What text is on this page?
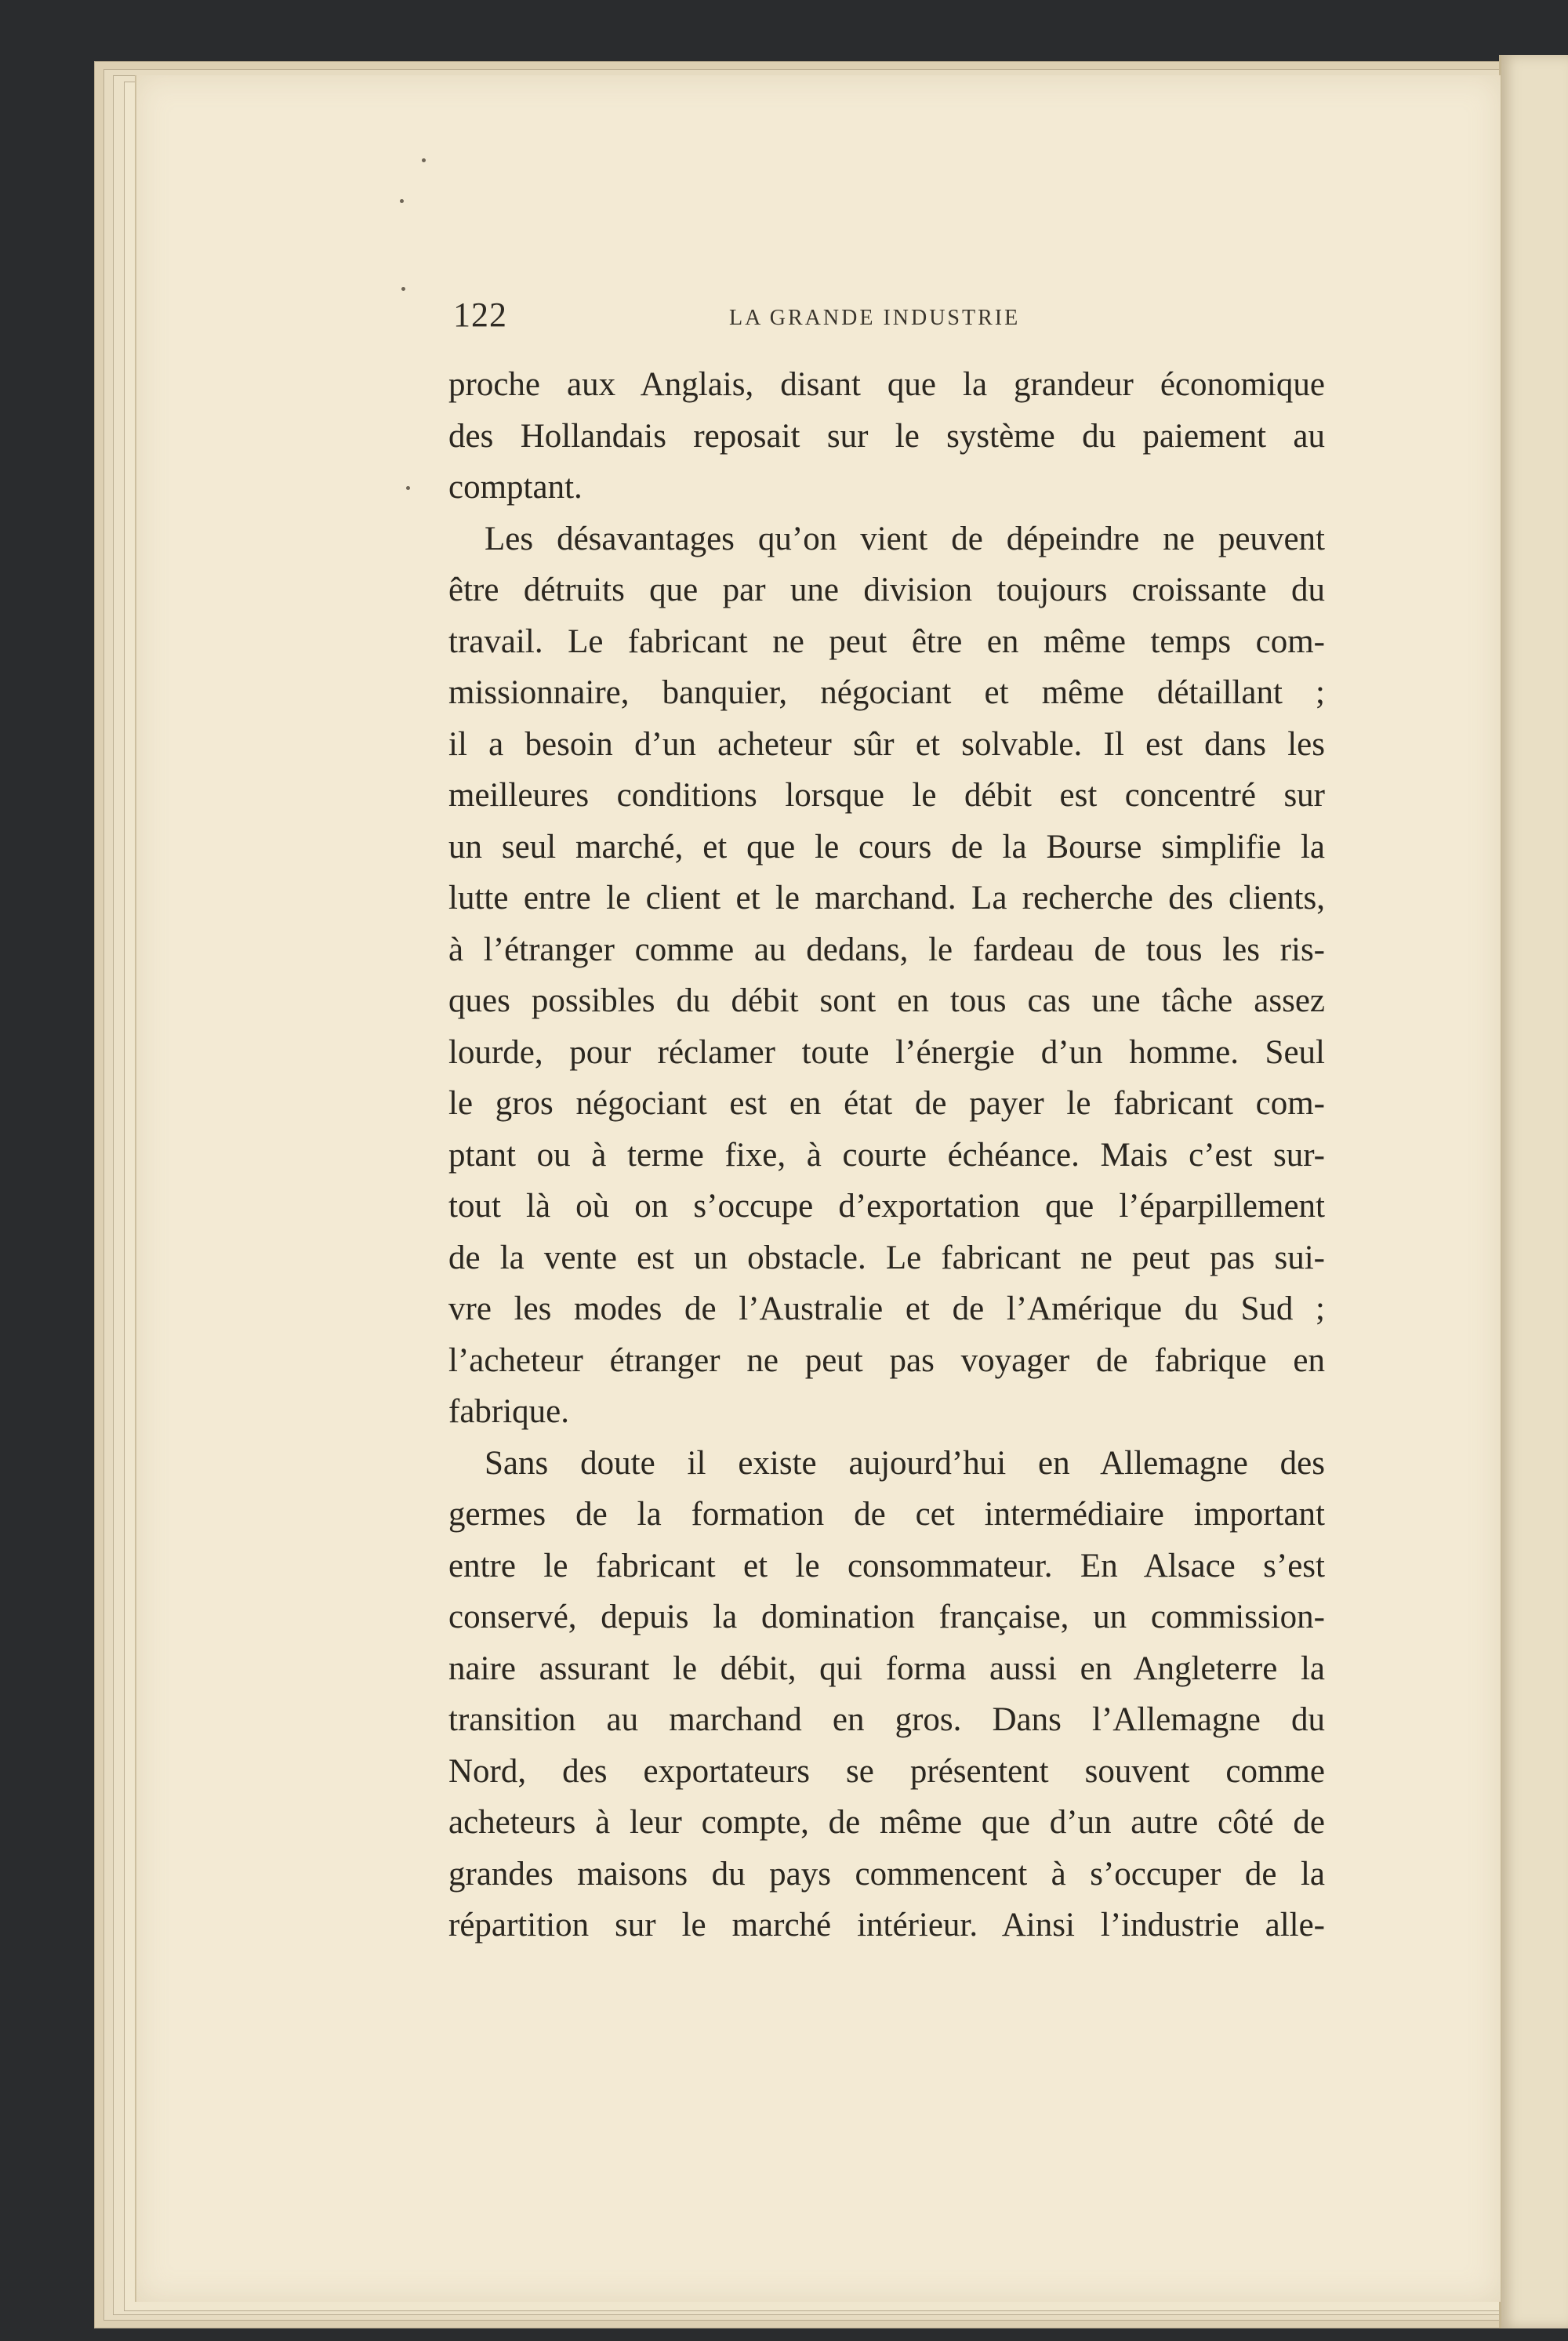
122	LA GRANDE INDUSTRIE
proche aux Anglais, disant que la grandeur économique
des Hollandais reposait sur le système du paiement au
comptant.
Les désavantages qu’on vient de dépeindre ne peuvent
être détruits que par une division toujours croissante du
travail. Le fabricant ne peut être en même temps com-
missionnaire, banquier, négociant et même détaillant ;
il a besoin d’un acheteur sûr et solvable. Il est dans les
meilleures conditions lorsque le débit est concentré sur
un seul marché, et que le cours de la Bourse simplifie la
lutte entre le client et le marchand. La recherche des clients,
à l’étranger comme au dedans, le fardeau de tous les ris-
ques possibles du débit sont en tous cas une tâche assez
lourde, pour réclamer toute l’énergie d’un homme. Seul
le gros négociant est en état de payer le fabricant com-
ptant ou à terme fixe, à courte échéance. Mais c’est sur-
tout là où on s’occupe d’exportation que l’éparpillement
de la vente est un obstacle. Le fabricant ne peut pas sui-
vre les modes de l’Australie et de l’Amérique du Sud ;
l’acheteur étranger ne peut pas voyager de fabrique en
fabrique.
Sans doute il existe aujourd’hui en Allemagne des
germes de la formation de cet intermédiaire important
entre le fabricant et le consommateur. En Alsace s’est
conservé, depuis la domination française, un commission-
naire assurant le débit, qui forma aussi en Angleterre la
transition au marchand en gros. Dans l’Allemagne du
Nord, des exportateurs se présentent souvent comme
acheteurs à leur compte, de même que d’un autre côté de
grandes maisons du pays commencent à s’occuper de la
répartition sur le marché intérieur. Ainsi l’industrie alle-
